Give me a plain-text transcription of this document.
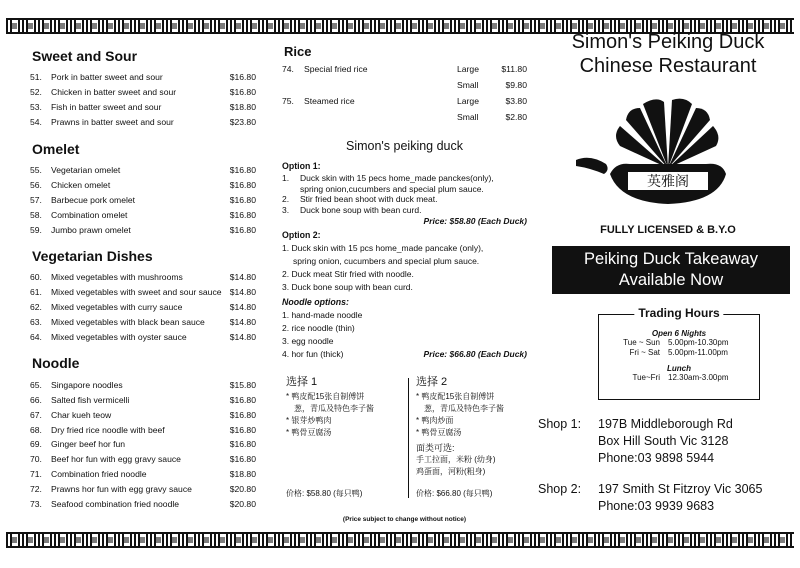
Sweet and Sour
51.	Pork in batter sweet and sour	$16.80
52.	Chicken in batter sweet and sour	$16.80
53.	Fish in batter sweet and sour	$18.80
54.	Prawns in batter sweet and sour	$23.80
Omelet
55.	Vegetarian omelet	$16.80
56.	Chicken omelet	$16.80
57.	Barbecue pork omelet	$16.80
58.	Combination omelet	$16.80
59.	Jumbo prawn omelet	$16.80
Vegetarian Dishes
60.	Mixed vegetables with mushrooms	$14.80
61.	Mixed vegetables with sweet and sour sauce $14.80
62.	Mixed vegetables with curry sauce	$14.80
63.	Mixed vegetables with black bean sauce	$14.80
64.	Mixed vegetables with oyster sauce	$14.80
Noodle
65.	Singapore noodles	$15.80
66.	Salted fish vermicelli	$16.80
67.	Char kueh teow	$16.80
68.	Dry fried rice noodle with beef	$16.80
69.	Ginger beef hor fun	$16.80
70.	Beef hor fun with egg gravy sauce	$16.80
71.	Combination fried noodle	$18.80
72.	Prawns hor fun with egg gravy sauce	$20.80
73.	Seafood combination fried noodle	$20.80
Rice
74.	Special fried rice	Large	$11.80
Small	$9.80
75.	Steamed rice	Large	$3.80
Small	$2.80
Simon's peiking duck
Option 1:
1.	Duck skin with 15 pecs home_made panckes(only),
spring onion,cucumbers and special plum sauce.
2.	Stir fried bean shoot with duck meat.
3.	Duck bone soup with bean curd.
Price: $58.80 (Each Duck)
Option 2:
1. Duck skin with 15 pcs home_made pancake (only),
spring onion, cucumbers and special plum sauce.
2. Duck meat Stir fried with noodle.
3. Duck bone soup with bean curd.
Noodle options:
1. hand-made noodle
2. rice noodle (thin)
3. egg noodle
4. hor fun (thick)	Price: $66.80 (Each Duck)
选择 1
* 鸭皮配15张自制傅饼
葱，青瓜及特色李子酱
* 银芽炒鸭肉
* 鸭骨豆腐汤
选择 2
* 鸭皮配15张自制傅饼
葱，青瓜及特色李子酱
* 鸭肉炒面
* 鸭骨豆腐汤
面类可选:
手工拉面，米粉 (幼身)
鸡蛋面，河粉(粗身)
价格: $58.80 (每只鸭)	价格: $66.80 (每只鸭)
(Price subject to change without notice)
Simon's Peiking Duck
Chinese Restaurant
英雅阁
FULLY LICENSED & B.Y.O
Peiking Duck Takeaway
Available Now
Trading Hours
Open 6 Nights
Tue ~ Sun 5.00pm-10.30pm
Fri ~ Sat 5.00pm-11.00pm
Lunch
Tue~Fri 12.30am-3.00pm
Shop 1:	197B Middleborough Rd
Box Hill South Vic 3128
Phone:03 9898 5944
Shop 2:	197 Smith St Fitzroy Vic 3065
Phone:03 9939 9683
